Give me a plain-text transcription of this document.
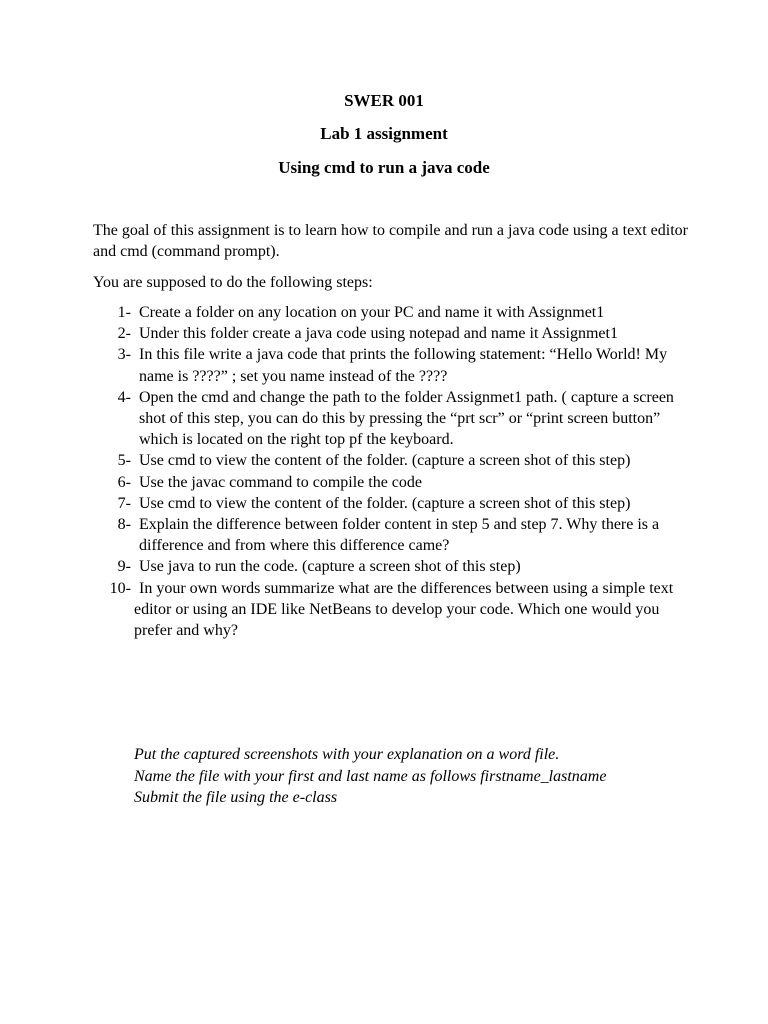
SWER 001
Lab 1 assignment
Using cmd to run a java code
The goal of this assignment is to learn how to compile and run a java code using a text editor and cmd (command prompt).
You are supposed to do the following steps:
1- Create a folder on any location on your PC and name it with Assignmet1
2- Under this folder create a java code using notepad and name it Assignmet1
3- In this file write a java code that prints the following statement: “Hello World! My name is ????” ; set you name instead of the ????
4- Open the cmd and change the path to the folder Assignmet1 path. ( capture a screen shot of this step, you can do this by pressing the “prt scr” or “print screen button” which is located on the right top pf the keyboard.
5- Use cmd to view the content of the folder. (capture a screen shot of this step)
6- Use the javac command to compile the code
7- Use cmd to view the content of the folder. (capture a screen shot of this step)
8- Explain the difference between folder content in step 5 and step 7. Why there is a difference and from where this difference came?
9- Use java to run the code. (capture a screen shot of this step)
10- In your own words summarize what are the differences between using a simple text editor or using an IDE like NetBeans to develop your code. Which one would you prefer and why?
Put the captured screenshots with your explanation on a word file.
Name the file with your first and last name as follows firstname_lastname
Submit the file using the e-class
